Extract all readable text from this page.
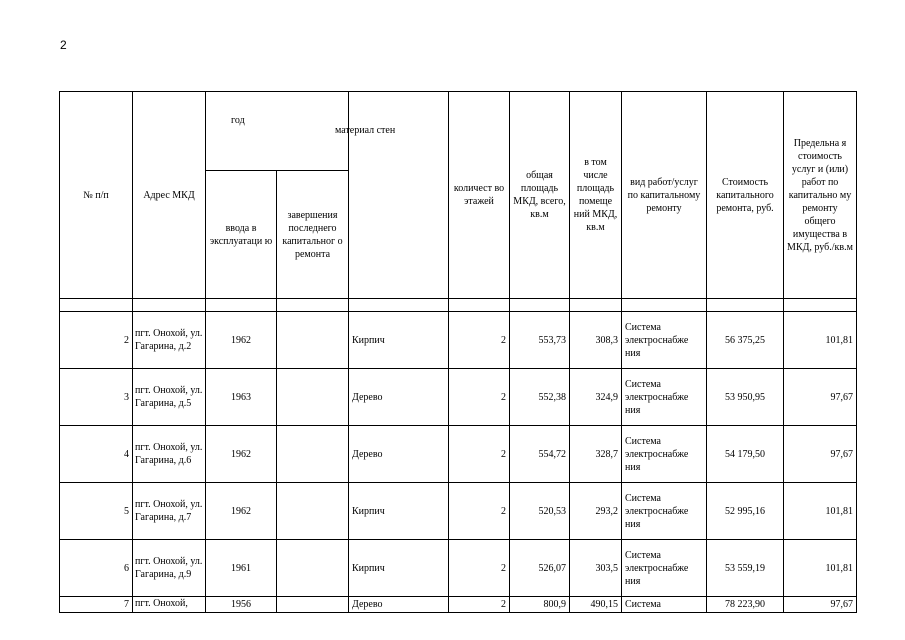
2
№ п/п	Адрес МКД	год		материал стен	количест во этажей	общая площадь МКД, всего, кв.м	в том числе площадь помеще ний МКД, кв.м	вид работ/услуг по капитальному ремонту	Стоимость капитального ремонта, руб.	Предельна я стоимость услуг и (или) работ по капитально му ремонту общего имущества в МКД, руб./кв.м
		ввода в эксплуатаци ю	завершения последнего капитальног о ремонта							

2	пгт. Онохой, ул. Гагарина, д.2	1962		Кирпич	2	553,73	308,3	Система электроснабже ния	56 375,25	101,81
3	пгт. Онохой, ул. Гагарина, д.5	1963		Дерево	2	552,38	324,9	Система электроснабже ния	53 950,95	97,67
4	пгт. Онохой, ул. Гагарина, д.6	1962		Дерево	2	554,72	328,7	Система электроснабже ния	54 179,50	97,67
5	пгт. Онохой, ул. Гагарина, д.7	1962		Кирпич	2	520,53	293,2	Система электроснабже ния	52 995,16	101,81
6	пгт. Онохой, ул. Гагарина, д.9	1961		Кирпич	2	526,07	303,5	Система электроснабже ния	53 559,19	101,81
7	пгт. Онохой,	1956		Дерево	2	800,9	490,15	Система	78 223,90	97,67
